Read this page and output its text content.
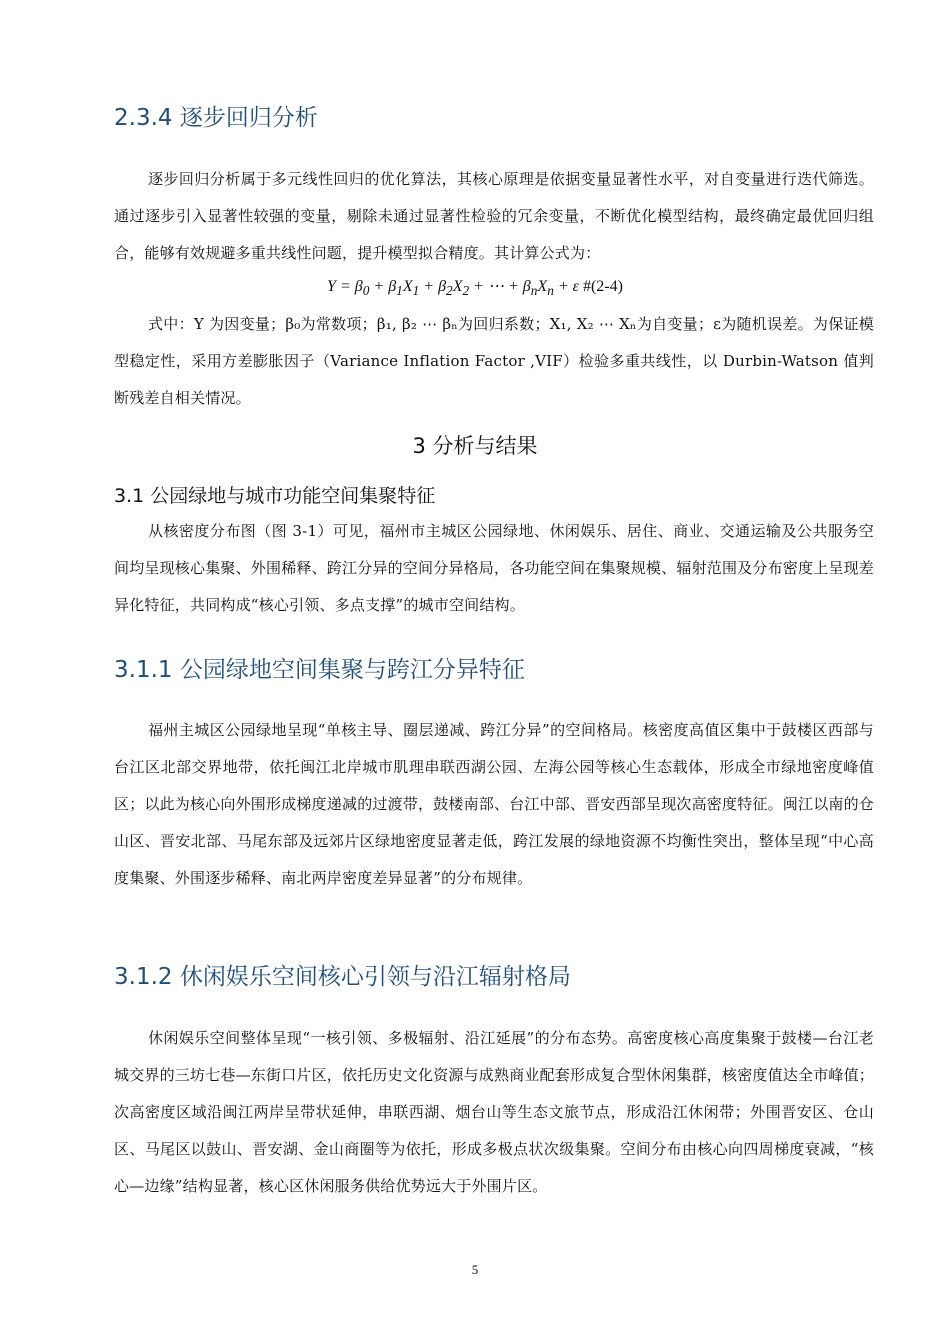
2.3.4 逐步回归分析

逐步回归分析属于多元线性回归的优化算法，其核心原理是依据变量显著性水平，对自变量进行迭代筛选。通过逐步引入显著性较强的变量，剔除未通过显著性检验的冗余变量，不断优化模型结构，最终确定最优回归组合，能够有效规避多重共线性问题，提升模型拟合精度。其计算公式为：

$Y = \beta_0 + \beta_1X_1 + \beta_2X_2$ + ⋯ + $\beta_nX_n + \varepsilon$ #(2-4)

式中：Y 为因变量；β₀为常数项；β₁, β₂ ⋯ βₙ为回归系数；X₁, X₂ ⋯ Xₙ为自变量；ε为随机误差。为保证模型稳定性，采用方差膨胀因子（Variance Inflation Factor ,VIF）检验多重共线性，以 Durbin-Watson 值判断残差自相关情况。

3 分析与结果
3.1 公园绿地与城市功能空间集聚特征

从核密度分布图（图 3-1）可见，福州市主城区公园绿地、休闲娱乐、居住、商业、交通运输及公共服务空间均呈现核心集聚、外围稀释、跨江分异的空间分异格局，各功能空间在集聚规模、辐射范围及分布密度上呈现差异化特征，共同构成“核心引领、多点支撑”的城市空间结构。

3.1.1 公园绿地空间集聚与跨江分异特征

福州主城区公园绿地呈现“单核主导、圈层递减、跨江分异”的空间格局。核密度高值区集中于鼓楼区西部与台江区北部交界地带，依托闽江北岸城市肌理串联西湖公园、左海公园等核心生态载体，形成全市绿地密度峰值区；以此为核心向外围形成梯度递减的过渡带，鼓楼南部、台江中部、晋安西部呈现次高密度特征。闽江以南的仓山区、晋安北部、马尾东部及远郊片区绿地密度显著走低，跨江发展的绿地资源不均衡性突出，整体呈现“中心高度集聚、外围逐步稀释、南北两岸密度差异显著”的分布规律。

3.1.2 休闲娱乐空间核心引领与沿江辐射格局

休闲娱乐空间整体呈现“一核引领、多极辐射、沿江延展”的分布态势。高密度核心高度集聚于鼓楼—台江老城交界的三坊七巷—东街口片区，依托历史文化资源与成熟商业配套形成复合型休闲集群，核密度值达全市峰值；次高密度区域沿闽江两岸呈带状延伸，串联西湖、烟台山等生态文旅节点，形成沿江休闲带；外围晋安区、仓山区、马尾区以鼓山、晋安湖、金山商圈等为依托，形成多极点状次级集聚。空间分布由核心向四周梯度衰减，“核心—边缘”结构显著，核心区休闲服务供给优势远大于外围片区。

5
